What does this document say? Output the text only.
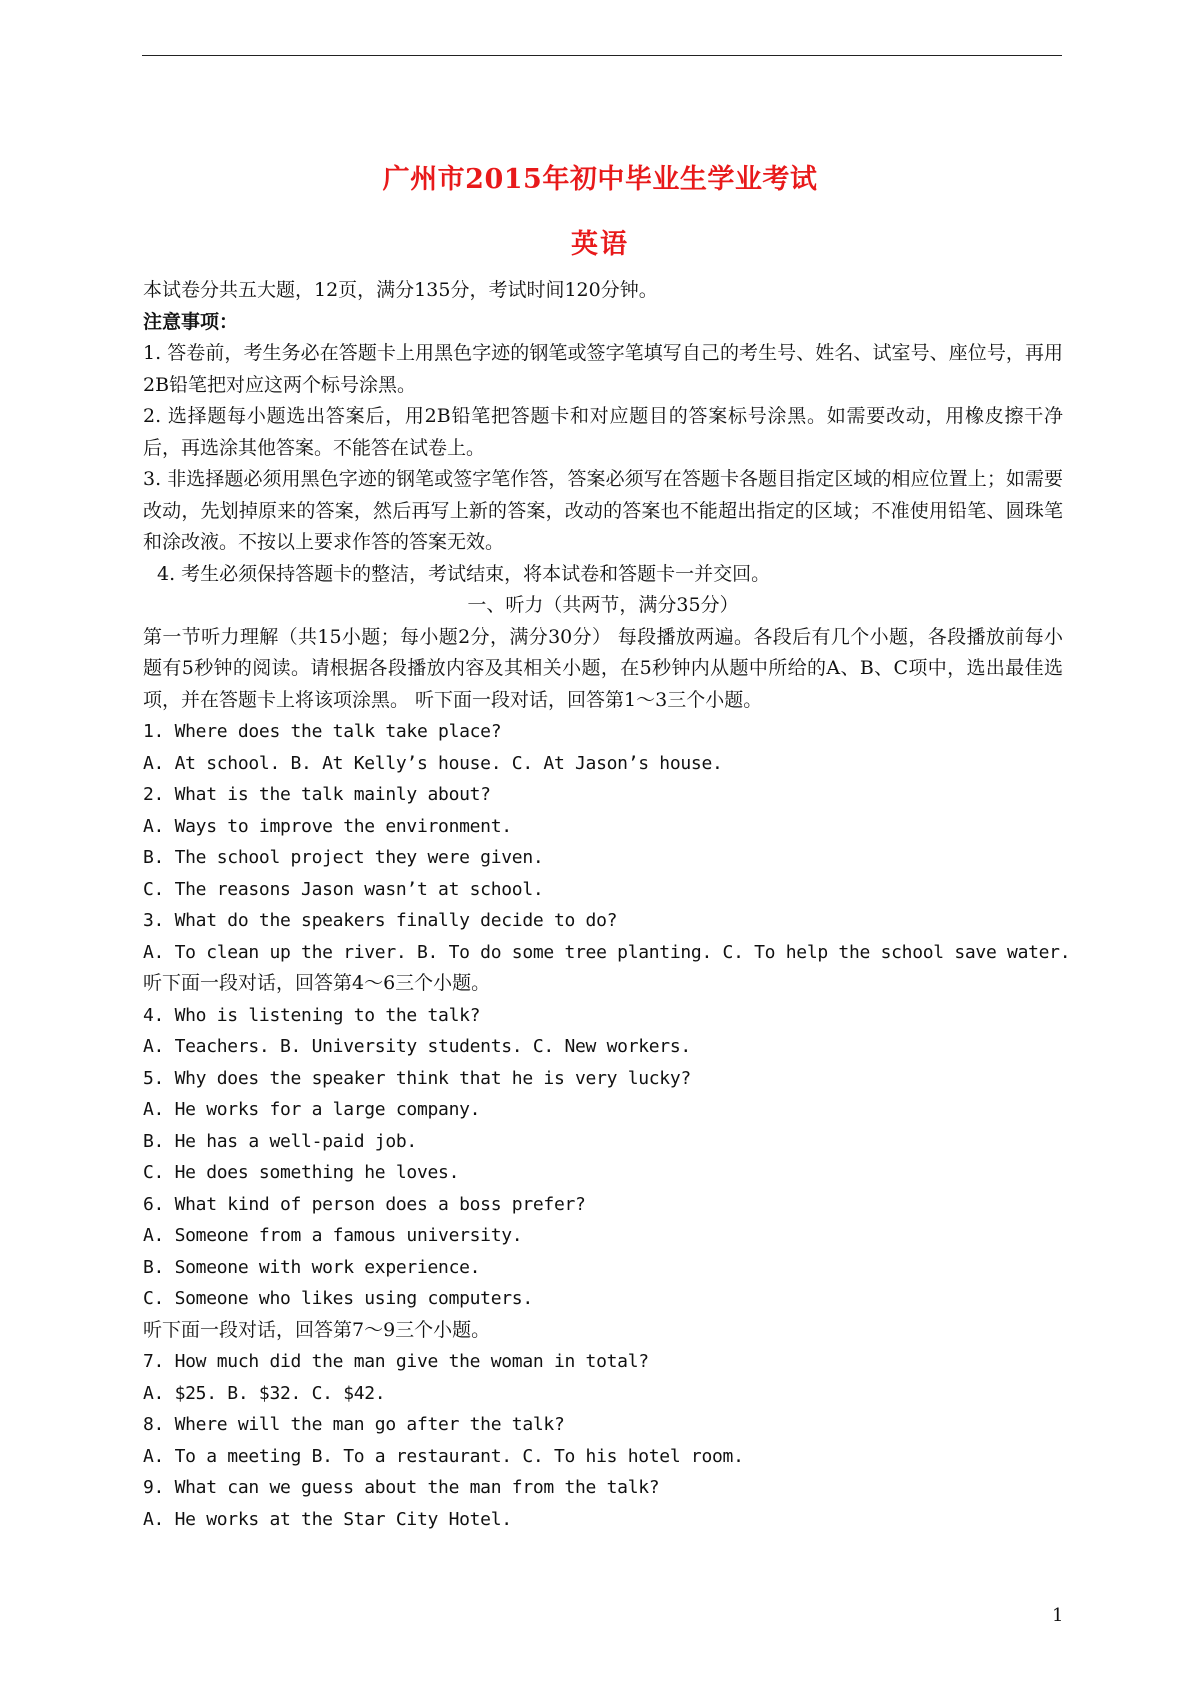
广州市2015年初中毕业生学业考试
英语

本试卷分共五大题，12页，满分135分，考试时间120分钟。

注意事项：

1. 答卷前，考生务必在答题卡上用黑色字迹的钢笔或签字笔填写自己的考生号、姓名、试室号、座位号，再用2B铅笔把对应这两个标号涂黑。

2. 选择题每小题选出答案后，用2B铅笔把答题卡和对应题目的答案标号涂黑。如需要改动，用橡皮擦干净后，再选涂其他答案。不能答在试卷上。

3. 非选择题必须用黑色字迹的钢笔或签字笔作答，答案必须写在答题卡各题目指定区域的相应位置上；如需要改动，先划掉原来的答案，然后再写上新的答案，改动的答案也不能超出指定的区域；不准使用铅笔、圆珠笔和涂改液。不按以上要求作答的答案无效。

4. 考生必须保持答题卡的整洁，考试结束，将本试卷和答题卡一并交回。

一、听力（共两节，满分35分）

第一节听力理解（共15小题；每小题2分，满分30分） 每段播放两遍。各段后有几个小题，各段播放前每小题有5秒钟的阅读。请根据各段播放内容及其相关小题，在5秒钟内从题中所给的A、B、C项中，选出最佳选项，并在答题卡上将该项涂黑。 听下面一段对话，回答第1～3三个小题。

1. Where does the talk take place?

A. At school. B. At Kelly’s house. C. At Jason’s house.

2. What is the talk mainly about?

A. Ways to improve the environment.

B. The school project they were given.

C. The reasons Jason wasn’t at school.

3. What do the speakers finally decide to do?

A. To clean up the river. B. To do some tree planting. C. To help the school save water.

听下面一段对话，回答第4～6三个小题。

4. Who is listening to the talk?

A. Teachers. B. University students. C. New workers.

5. Why does the speaker think that he is very lucky?

A. He works for a large company.

B. He has a well-paid job.

C. He does something he loves.

6. What kind of person does a boss prefer?

A. Someone from a famous university.

B. Someone with work experience.

C. Someone who likes using computers.

听下面一段对话，回答第7～9三个小题。

7. How much did the man give the woman in total?

A. $25. B. $32. C. $42.

8. Where will the man go after the talk?

A. To a meeting B. To a restaurant. C. To his hotel room.

9. What can we guess about the man from the talk?

A. He works at the Star City Hotel.

1
